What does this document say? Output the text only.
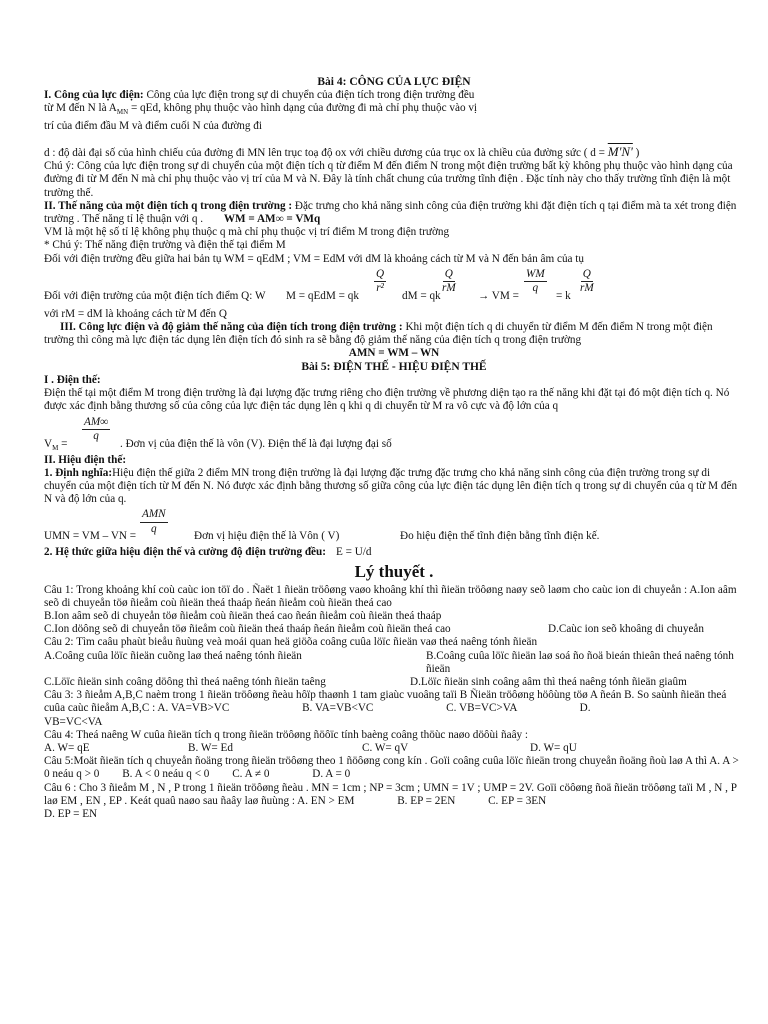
Bài 4: CÔNG CỦA LỰC ĐIỆN

I. Công của lực điện: Công của lực điện trong sự di chuyển của điện tích trong điện trường đều
từ M đến N là $A_{MN}$ = qEd, không phụ thuộc vào hình dạng của đường đi mà chỉ phụ thuộc vào vị
trí của điểm đầu M và điểm cuối N của đường đi

d : độ dài đại số của hình chiếu của đường đi MN lên trục toạ độ ox với chiều dương của trục ox là chiều của đường sức ( d = M'N' )

Chú ý: Công của lực điện trong sự di chuyển của một điện tích q từ điểm M đến điểm N trong một điện trường bất kỳ không phụ thuộc vào hình dạng của đường đi từ M đến N mà chỉ phụ thuộc vào vị trí của M và N. Đây là tính chất chung của trường tĩnh điện . Đặc tính này cho thấy trường tĩnh điện là một trường thế.

II. Thế năng của một điện tích q trong điện trường : Đặc trưng cho khả năng sinh công của điện trường khi đặt điện tích q tại điểm mà ta xét trong điện trường . Thế năng tỉ lệ thuận với q . WM = AM∞ = VMq

VM là một hệ số tỉ lệ không phụ thuộc q mà chỉ phụ thuộc vị trí điểm M trong điện trường

* Chú ý: Thế năng điện trường và điện thế tại điểm M

Đối với điện trường đều giữa hai bản tụ WM = qEdM ; VM = EdM với dM là khoảng cách từ M và N đến bản âm của tụ

Đối với điện trường của một điện tích điểm Q: W M = qEdM = qk
$\frac{Q}{\text{r²}}$
dM = qk
$\frac{Q}{rM}$
→ VM =
$\frac{WM}{q}$
= k
$\frac{Q}{rM}$

với rM = dM là khoảng cách từ M đến Q

III. Công lực điện và độ giảm thế năng của điện tích trong điện trường : Khi một điện tích q di chuyển từ điểm M đến điểm N trong một điện trường thì công mà lực điện tác dụng lên điện tích đó sinh ra sẽ bằng độ giảm thế năng của điện tích q trong điện trường

AMN = WM – WN

Bài 5: ĐIỆN THẾ - HIỆU ĐIỆN THẾ

I . Điện thế:

Điện thế tại một điểm M trong điện trường là đại lượng đặc trưng riêng cho điện trường về phương diện tạo ra thế năng khi đặt tại đó một điện tích q. Nó được xác định bằng thương số của công của lực điện tác dụng lên q khi q di chuyển từ M ra vô cực và độ lớn của q

$V_M$ =
$\frac{AM\infty}{q}$
. Đơn vị của điện thế là vôn (V). Điện thế là đại lượng đại số

II. Hiệu điện thế:

1. Định nghĩa:Hiệu điện thế giữa 2 điểm MN trong điện trường là đại lượng đặc trưng đặc trưng cho khả năng sinh công của điện trường trong sự di chuyển của một điện tích từ M đến N. Nó được xác định bằng thương số giữa công của lực điện tác dụng lên điện tích q trong sự di chuyển của q từ M đến N và độ lớn của q.

UMN = VM – VN =
AMN
q
Đơn vị hiệu điện thế là Vôn ( V)	Đo hiệu điện thế tĩnh điện bằng tĩnh điện kế.

2. Hệ thức giữa hiệu điện thế và cường độ điện trường đều: E = U/d

Lý thuyết .

Câu 1: Trong khoảng khí coù caùc ion töï do . Ñaët 1 ñieän tröôøng vaøo khoâng khí thì ñieän tröôøng naøy seõ laøm cho caùc ion di chuyeån : A.Ion aâm seõ di chuyeån töø ñieåm coù ñieän theá thaáp ñeán ñieåm coù ñieän theá cao

B.Ion aâm seõ di chuyeån töø ñieåm coù ñieän theá cao ñeán ñieåm coù ñieän theá thaáp

C.Ion döông seõ di chuyeån töø ñieåm coù ñieän theá thaáp ñeán ñieåm coù ñieän theá cao	D.Caùc ion seõ khoâng di chuyeån

Câu 2: Tìm caâu phaùt bieåu ñuùng veà moái quan heä giöõa coâng cuûa löïc ñieän vaø theá naêng tónh ñieän

A.Coâng cuûa löïc ñieän cuõng laø theá naêng tónh ñieän	B.Coâng cuûa löïc ñieän laø soá ño ñoä bieán thieân theá naêng tónh ñieän
C.Löïc ñieän sinh coâng döông thì theá naêng tónh ñieän taêng	D.Löïc ñieän sinh coâng aâm thì theá naêng tónh ñieän giaûm

Câu 3: 3 ñieåm A,B,C naèm trong 1 ñieän tröôøng ñeàu hôïp thaønh 1 tam giaùc vuoâng taïi B Ñieän tröôøng höôùng töø A ñeán B. So saùnh ñieän theá cuûa caùc ñieåm A,B,C : A. VA=VB>VC	B. VA=VB<VC	C. VB=VC>VA	D.

VB=VC<VA

Câu 4: Theá naêng W cuûa ñieän tích q trong ñieän tröôøng ñöôïc tính baèng coâng thöùc naøo döôùi ñaây :

A. W= qE	B. W= Ed	C. W= qV	D. W= qU

Câu 5:Moät ñieän tích q chuyeån ñoäng trong ñieän tröôøng theo 1 ñöôøng cong kín . Goïi coâng cuûa löïc ñieän trong chuyeån ñoäng ñoù laø A thì A. A > 0 neáu q > 0 B. A < 0 neáu q < 0 C. A ≠ 0	D. A = 0

Câu 6 : Cho 3 ñieåm M , N , P trong 1 ñieän tröôøng ñeàu . MN = 1cm ; NP = 3cm ; UMN = 1V ; UMP = 2V. Goïi cöôøng ñoä ñieän tröôøng taïi M , N , P laø EM , EN , EP . Keát quaû naøo sau ñaây laø ñuùng : A. EN > EM	B. EP = 2EN	C. EP = 3EN

D. EP = EN
